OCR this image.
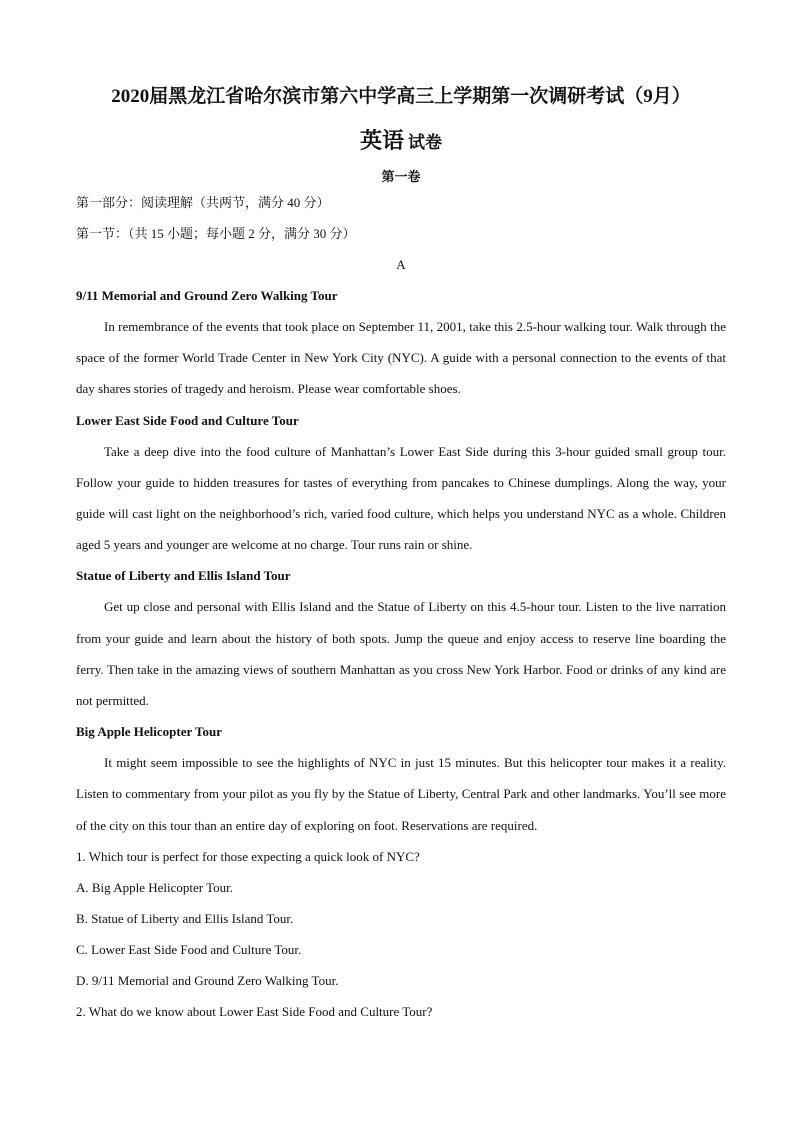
2020届黑龙江省哈尔滨市第六中学高三上学期第一次调研考试（9月）
英语 试卷
第一卷

第一部分：阅读理解（共两节，满分 40 分）

第一节：（共 15 小题；每小题 2 分，满分 30 分）

A

9/11 Memorial and Ground Zero Walking Tour

In remembrance of the events that took place on September 11, 2001, take this 2.5-hour walking tour. Walk through the space of the former World Trade Center in New York City (NYC). A guide with a personal connection to the events of that day shares stories of tragedy and heroism. Please wear comfortable shoes.

Lower East Side Food and Culture Tour

Take a deep dive into the food culture of Manhattan’s Lower East Side during this 3-hour guided small group tour. Follow your guide to hidden treasures for tastes of everything from pancakes to Chinese dumplings. Along the way, your guide will cast light on the neighborhood’s rich, varied food culture, which helps you understand NYC as a whole. Children aged 5 years and younger are welcome at no charge. Tour runs rain or shine.

Statue of Liberty and Ellis Island Tour

Get up close and personal with Ellis Island and the Statue of Liberty on this 4.5-hour tour. Listen to the live narration from your guide and learn about the history of both spots. Jump the queue and enjoy access to reserve line boarding the ferry. Then take in the amazing views of southern Manhattan as you cross New York Harbor. Food or drinks of any kind are not permitted.

Big Apple Helicopter Tour

It might seem impossible to see the highlights of NYC in just 15 minutes. But this helicopter tour makes it a reality. Listen to commentary from your pilot as you fly by the Statue of Liberty, Central Park and other landmarks. You’ll see more of the city on this tour than an entire day of exploring on foot. Reservations are required.

1. Which tour is perfect for those expecting a quick look of NYC?

A. Big Apple Helicopter Tour.

B. Statue of Liberty and Ellis Island Tour.

C. Lower East Side Food and Culture Tour.

D. 9/11 Memorial and Ground Zero Walking Tour.

2. What do we know about Lower East Side Food and Culture Tour?
